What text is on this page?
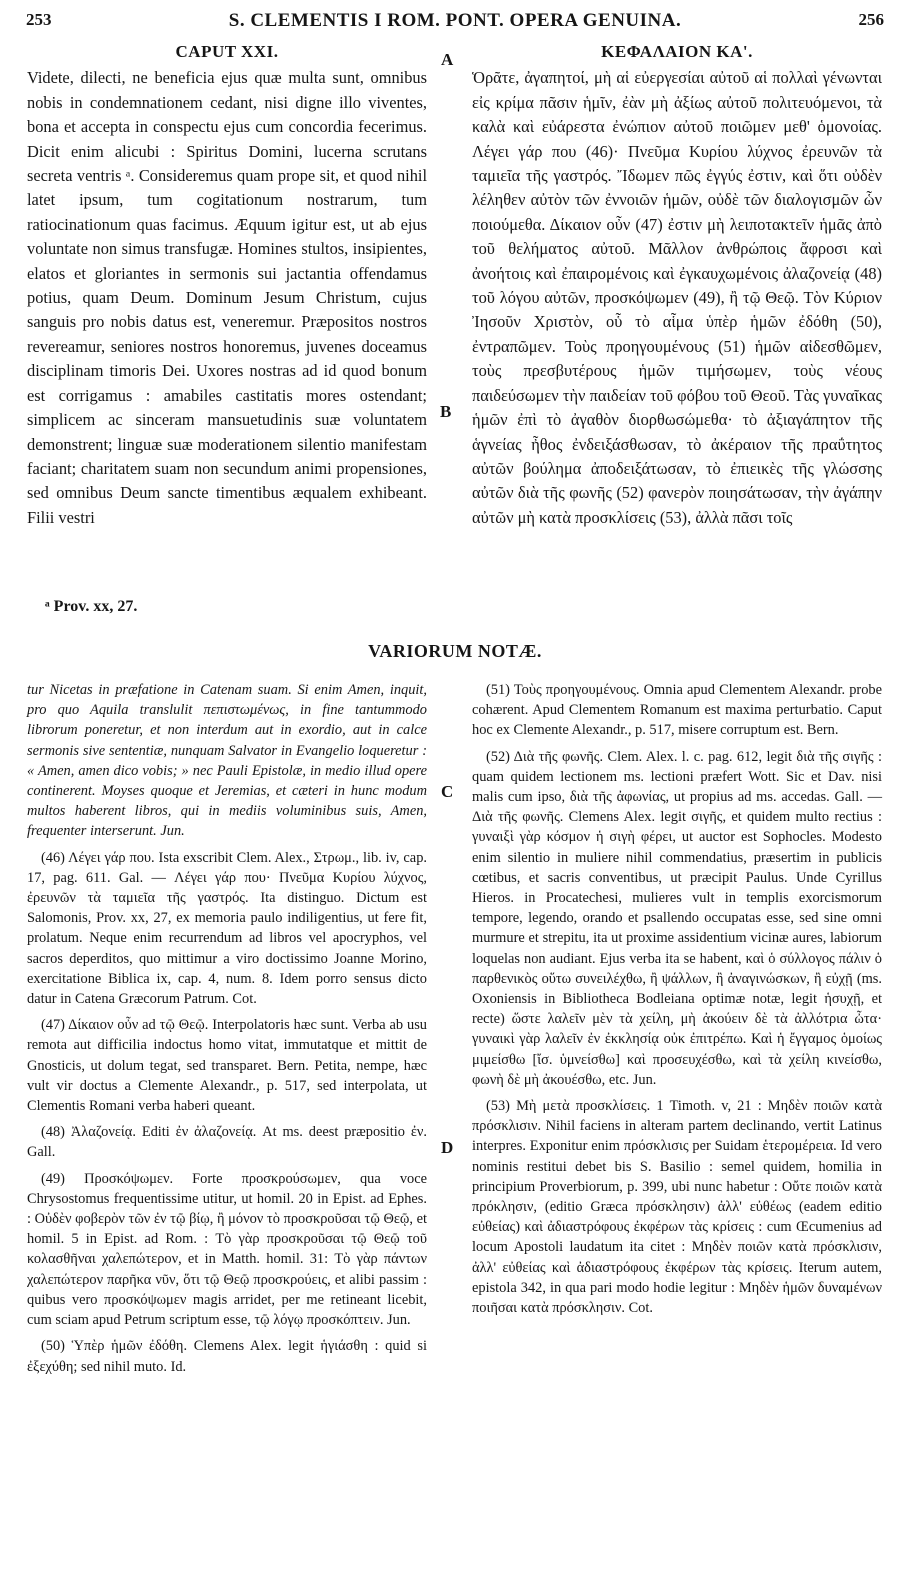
253	S. CLEMENTIS I ROM. PONT. OPERA GENUINA.	256
CAPUT XXI.

Videte, dilecti, ne beneficia ejus quæ multa sunt, omnibus nobis in condemnationem cedant, nisi digne illo viventes, bona et accepta in conspectu ejus cum concordia fecerimus. Dicit enim alicubi : Spiritus Domini, lucerna scrutans secreta ventris ᵃ. Consideremus quam prope sit, et quod nihil latet ipsum, tum cogitationum nostrarum, tum ratiocinationum quas facimus. Æquum igitur est, ut ab ejus voluntate non simus transfugæ. Homines stultos, insipientes, elatos et gloriantes in sermonis sui jactantia offendamus potius, quam Deum. Dominum Jesum Christum, cujus sanguis pro nobis datus est, veneremur. Præpositos nostros revereamur, seniores nostros honoremus, juvenes doceamus disciplinam timoris Dei. Uxores nostras ad id quod bonum est corrigamus : amabiles castitatis mores ostendant; simplicem ac sinceram mansuetudinis suæ voluntatem demonstrent; linguæ suæ moderationem silentio manifestam faciant; charitatem suam non secundum animi propensiones, sed omnibus Deum sancte timentibus æqualem exhibeant. Filii vestri

A
B
ΚΕΦΑΛΑΙΟΝ ΚΑ'.

Ὁρᾶτε, ἀγαπητοί, μὴ αἱ εὐεργεσίαι αὐτοῦ αἱ πολλαὶ γένωνται εἰς κρίμα πᾶσιν ἡμῖν, ἐὰν μὴ ἀξίως αὐτοῦ πολιτευόμενοι, τὰ καλὰ καὶ εὐάρεστα ἐνώπιον αὐτοῦ ποιῶμεν μεθ' ὁμονοίας. Λέγει γάρ που (46)· Πνεῦμα Κυρίου λύχνος ἐρευνῶν τὰ ταμιεῖα τῆς γαστρός. Ἴδωμεν πῶς ἐγγύς ἐστιν, καὶ ὅτι οὐδὲν λέληθεν αὐτὸν τῶν ἐννοιῶν ἡμῶν, οὐδὲ τῶν διαλογισμῶν ὧν ποιούμεθα. Δίκαιον οὖν (47) ἐστιν μὴ λειποτακτεῖν ἡμᾶς ἀπὸ τοῦ θελήματος αὐτοῦ. Μᾶλλον ἀνθρώποις ἄφροσι καὶ ἀνοήτοις καὶ ἐπαιρομένοις καὶ ἐγκαυχωμένοις ἀλαζονείᾳ (48) τοῦ λόγου αὐτῶν, προσκόψωμεν (49), ἢ τῷ Θεῷ. Τὸν Κύριον Ἰησοῦν Χριστὸν, οὗ τὸ αἷμα ὑπὲρ ἡμῶν ἐδόθη (50), ἐντραπῶμεν. Τοὺς προηγουμένους (51) ἡμῶν αἰδεσθῶμεν, τοὺς πρεσβυτέρους ἡμῶν τιμήσωμεν, τοὺς νέους παιδεύσωμεν τὴν παιδείαν τοῦ φόβου τοῦ Θεοῦ. Τὰς γυναῖκας ἡμῶν ἐπὶ τὸ ἀγαθὸν διορθωσώμεθα· τὸ ἀξιαγάπητον τῆς ἁγνείας ἦθος ἐνδειξάσθωσαν, τὸ ἀκέραιον τῆς πραΰτητος αὐτῶν βούλημα ἀποδειξάτωσαν, τὸ ἐπιεικὲς τῆς γλώσσης αὐτῶν διὰ τῆς φωνῆς (52) φανερὸν ποιησάτωσαν, τὴν ἀγάπην αὐτῶν μὴ κατὰ προσκλίσεις (53), ἀλλὰ πᾶσι τοῖς

ᵃ Prov. xx, 27.
VARIORUM NOTÆ.

tur Nicetas in præfatione in Catenam suam. Si enim Amen, inquit, pro quo Aquila translulit πεπιστωμένως, in fine tantummodo librorum poneretur, et non interdum aut in exordio, aut in calce sermonis sive sententiæ, nunquam Salvator in Evangelio loqueretur : « Amen, amen dico vobis; » nec Pauli Epistolæ, in medio illud opere continerent. Moyses quoque et Jeremias, et cæteri in hunc modum multos haberent libros, qui in mediis voluminibus suis, Amen, frequenter interserunt. Jun.

(46) Λέγει γάρ που. Ista exscribit Clem. Alex., Στρωμ., lib. iv, cap. 17, pag. 611. Gal. — Λέγει γάρ που· Πνεῦμα Κυρίου λύχνος, ἐρευνῶν τὰ ταμιεῖα τῆς γαστρός. Ita distinguo. Dictum est Salomonis, Prov. xx, 27, ex memoria paulo indiligentius, ut fere fit, prolatum. Neque enim recurrendum ad libros vel apocryphos, vel sacros deperditos, quo mittimur a viro doctissimo Joanne Morino, exercitatione Biblica ix, cap. 4, num. 8. Idem porro sensus dicto datur in Catena Græcorum Patrum. Cot.

(47) Δίκαιον οὖν ad τῷ Θεῷ. Interpolatoris hæc sunt. Verba ab usu remota aut difficilia indoctus homo vitat, immutatque et mittit de Gnosticis, ut dolum tegat, sed transparet. Bern. Petita, nempe, hæc vult vir doctus a Clemente Alexandr., p. 517, sed interpolata, ut Clementis Romani verba haberi queant.

(48) Ἀλαζονείᾳ. Editi ἐν ἀλαζονείᾳ. At ms. deest præpositio ἐν. Gall.

(49) Προσκόψωμεν. Forte προσκρούσωμεν, qua voce Chrysostomus frequentissime utitur, ut homil. 20 in Epist. ad Ephes. : Οὐδὲν φοβερὸν τῶν ἐν τῷ βίῳ, ἢ μόνον τὸ προσκροῦσαι τῷ Θεῷ, et homil. 5 in Epist. ad Rom. : Τὸ γὰρ προσκροῦσαι τῷ Θεῷ τοῦ κολασθῆναι χαλεπώτερον, et in Matth. homil. 31: Τὸ γὰρ πάντων χαλεπώτερον παρῆκα νῦν, ὅτι τῷ Θεῷ προσκρούεις, et alibi passim : quibus vero προσκόψωμεν magis arridet, per me retineant licebit, cum sciam apud Petrum scriptum esse, τῷ λόγῳ προσκόπτειν. Jun.

(50) Ὑπὲρ ἡμῶν ἐδόθη. Clemens Alex. legit ἡγιάσθη : quid si ἐξεχύθη; sed nihil muto. Id.

C
D

(51) Τοὺς προηγουμένους. Omnia apud Clementem Alexandr. probe cohærent. Apud Clementem Romanum est maxima perturbatio. Caput hoc ex Clemente Alexandr., p. 517, misere corruptum est. Bern.

(52) Διὰ τῆς φωνῆς. Clem. Alex. l. c. pag. 612, legit διὰ τῆς σιγῆς : quam quidem lectionem ms. lectioni præfert Wott. Sic et Dav. nisi malis cum ipso, διὰ τῆς ἀφωνίας, ut propius ad ms. accedas. Gall. — Διὰ τῆς φωνῆς. Clemens Alex. legit σιγῆς, et quidem multo rectius : γυναιξὶ γὰρ κόσμον ἡ σιγὴ φέρει, ut auctor est Sophocles. Modesto enim silentio in muliere nihil commendatius, præsertim in publicis cœtibus, et sacris conventibus, ut præcipit Paulus. Unde Cyrillus Hieros. in Procatechesi, mulieres vult in templis exorcismorum tempore, legendo, orando et psallendo occupatas esse, sed sine omni murmure et strepitu, ita ut proxime assidentium vicinæ aures, labiorum loquelas non audiant. Ejus verba ita se habent, καὶ ὁ σύλλογος πάλιν ὁ παρθενικὸς οὕτω συνειλέχθω, ἢ ψάλλων, ἢ ἀναγινώσκων, ἢ εὐχῇ (ms. Oxoniensis in Bibliotheca Bodleiana optimæ notæ, legit ἡσυχῇ, et recte) ὥστε λαλεῖν μὲν τὰ χείλη, μὴ ἀκούειν δὲ τὰ ἀλλότρια ὦτα· γυναικὶ γὰρ λαλεῖν ἐν ἐκκλησίᾳ οὐκ ἐπιτρέπω. Καὶ ἡ ἔγγαμος ὁμοίως μιμείσθω [ἴσ. ὑμνείσθω] καὶ προσευχέσθω, καὶ τὰ χείλη κινείσθω, φωνὴ δὲ μὴ ἀκουέσθω, etc. Jun.

(53) Μὴ μετὰ προσκλίσεις. 1 Timoth. v, 21 : Μηδὲν ποιῶν κατὰ πρόσκλισιν. Nihil faciens in alteram partem declinando, vertit Latinus interpres. Exponitur enim πρόσκλισις per Suidam ἑτερομέρεια. Id vero nominis restitui debet bis S. Basilio : semel quidem, homilia in principium Proverbiorum, p. 399, ubi nunc habetur : Οὔτε ποιῶν κατὰ πρόκλησιν, (editio Græca πρόσκλησιν) ἀλλ' εὐθέως (eadem editio εὐθείας) καὶ ἀδιαστρόφους ἐκφέρων τὰς κρίσεις : cum Œcumenius ad locum Apostoli laudatum ita citet : Μηδὲν ποιῶν κατὰ πρόσκλισιν, ἀλλ' εὐθείας καὶ ἀδιαστρόφους ἐκφέρων τὰς κρίσεις. Iterum autem, epistola 342, in qua pari modo hodie legitur : Μηδὲν ἡμῶν δυναμένων ποιῆσαι κατὰ πρόσκλησιν. Cot.
